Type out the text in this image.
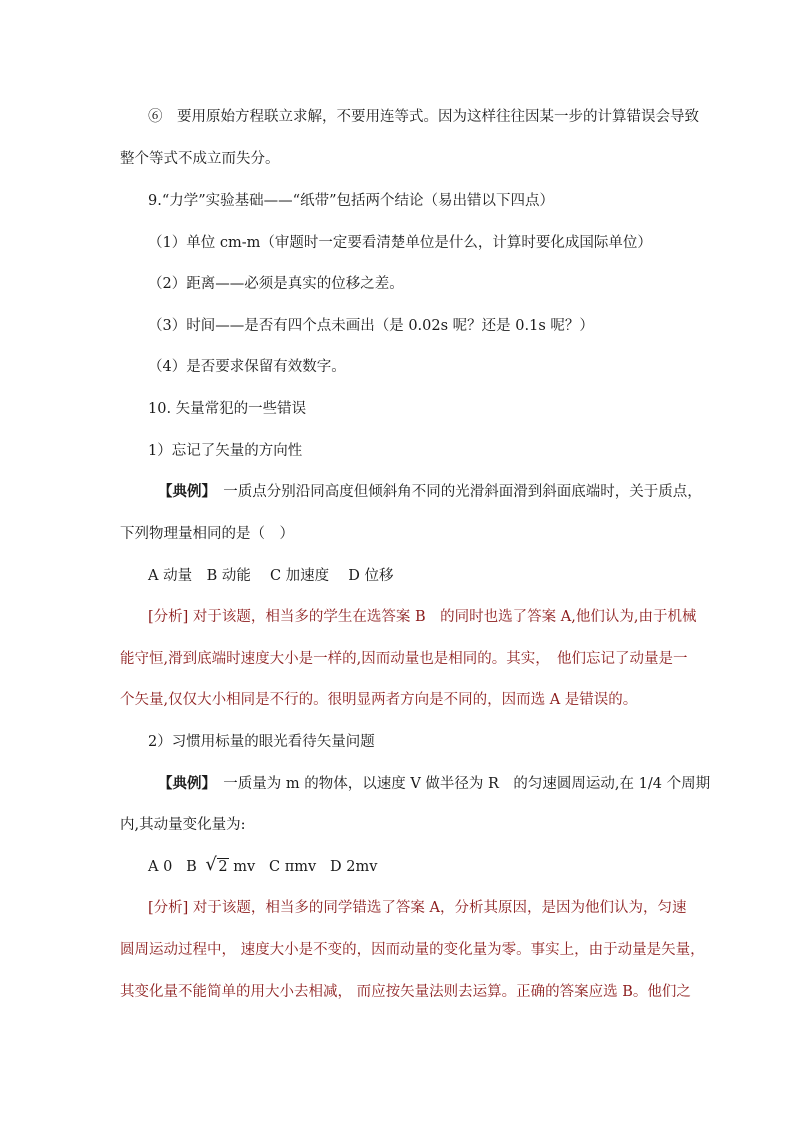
⑥　要用原始方程联立求解，不要用连等式。因为这样往往因某一步的计算错误会导致
整个等式不成立而失分。
9.“力学”实验基础——“纸带”包括两个结论（易出错以下四点）
（1）单位 cm-m（审题时一定要看清楚单位是什么，计算时要化成国际单位）
（2）距离——必须是真实的位移之差。
（3）时间——是否有四个点未画出（是 0.02s 呢？还是 0.1s 呢？）
（4）是否要求保留有效数字。
10. 矢量常犯的一些错误
1）忘记了矢量的方向性
【典例】　一质点分别沿同高度但倾斜角不同的光滑斜面滑到斜面底端时，关于质点，
下列物理量相同的是（　）
A 动量　B 动能　 C 加速度　 D 位移
[分析] 对于该题，相当多的学生在选答案 B　的同时也选了答案 A,他们认为,由于机械
能守恒,滑到底端时速度大小是一样的,因而动量也是相同的。其实，　他们忘记了动量是一
个矢量,仅仅大小相同是不行的。很明显两者方向是不同的，因而选 A 是错误的。
2）习惯用标量的眼光看待矢量问题
【典例】　一质量为 m 的物体，以速度 V 做半径为 R　的匀速圆周运动,在 1/4 个周期
内,其动量变化量为:
A 0 B √ 2 mv C πmv D 2mv
[分析] 对于该题，相当多的同学错选了答案 A，分析其原因，是因为他们认为，匀速
圆周运动过程中， 速度大小是不变的，因而动量的变化量为零。事实上，由于动量是矢量，
其变化量不能简单的用大小去相减， 而应按矢量法则去运算。正确的答案应选 B。他们之
